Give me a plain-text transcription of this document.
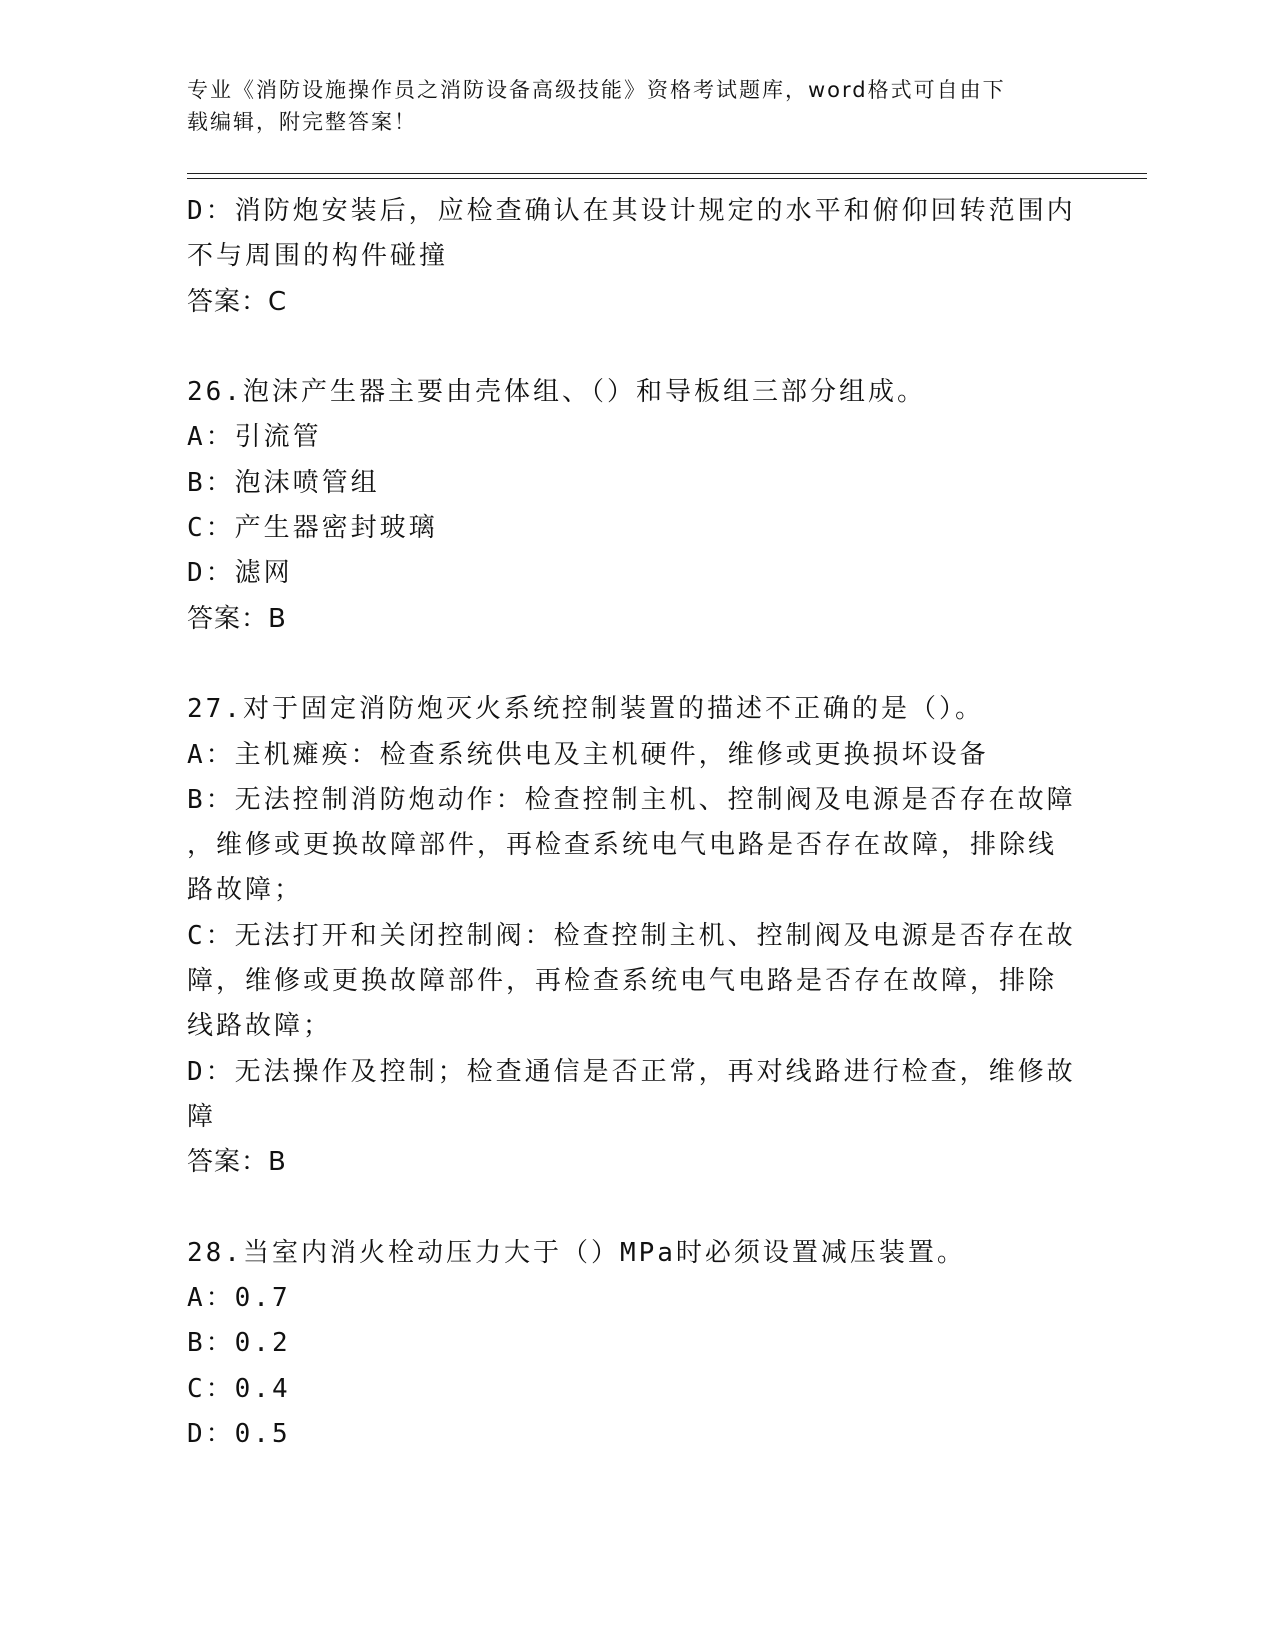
专业《消防设施操作员之消防设备高级技能》资格考试题库，word格式可自由下
载编辑，附完整答案！
D：消防炮安装后，应检查确认在其设计规定的水平和俯仰回转范围内
不与周围的构件碰撞
答案：C
26.泡沫产生器主要由壳体组、（）和导板组三部分组成。
A：引流管
B：泡沫喷管组
C：产生器密封玻璃
D：滤网
答案：B
27.对于固定消防炮灭火系统控制装置的描述不正确的是（）。
A：主机瘫痪：检查系统供电及主机硬件，维修或更换损坏设备
B：无法控制消防炮动作：检查控制主机、控制阀及电源是否存在故障
，维修或更换故障部件，再检查系统电气电路是否存在故障，排除线
路故障；
C：无法打开和关闭控制阀：检查控制主机、控制阀及电源是否存在故
障，维修或更换故障部件，再检查系统电气电路是否存在故障，排除
线路故障；
D：无法操作及控制；检查通信是否正常，再对线路进行检查，维修故
障
答案：B
28.当室内消火栓动压力大于（）MPa时必须设置减压装置。
A：0.7
B：0.2
C：0.4
D：0.5
